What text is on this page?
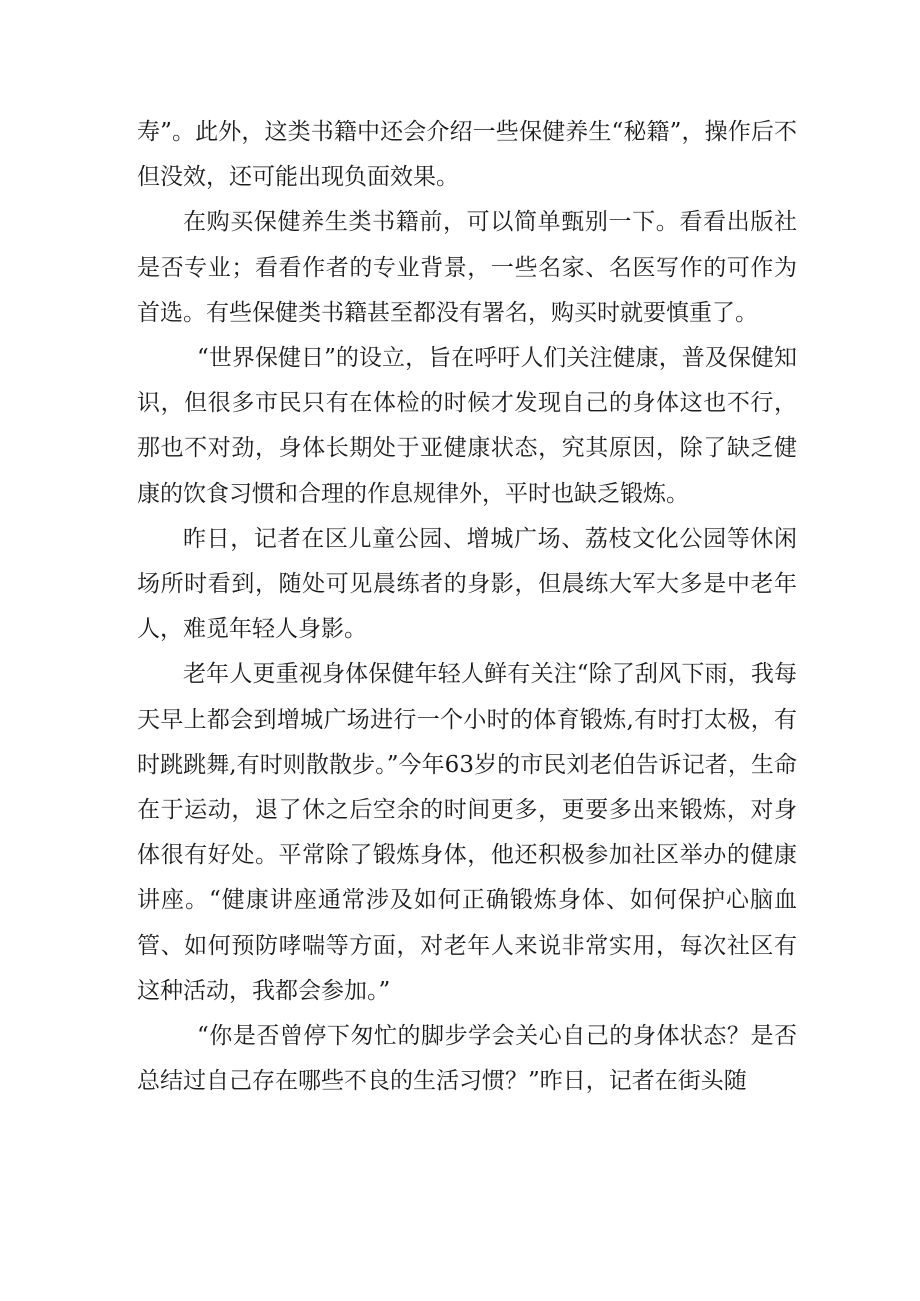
寿”。此外，这类书籍中还会介绍一些保健养生“秘籍”，操作后不但没效，还可能出现负面效果。

在购买保健养生类书籍前，可以简单甄别一下。看看出版社是否专业；看看作者的专业背景，一些名家、名医写作的可作为首选。有些保健类书籍甚至都没有署名，购买时就要慎重了。

“世界保健日”的设立，旨在呼吁人们关注健康，普及保健知识，但很多市民只有在体检的时候才发现自己的身体这也不行，那也不对劲，身体长期处于亚健康状态，究其原因，除了缺乏健康的饮食习惯和合理的作息规律外，平时也缺乏锻炼。

昨日，记者在区儿童公园、增城广场、荔枝文化公园等休闲场所时看到，随处可见晨练者的身影，但晨练大军大多是中老年人，难觅年轻人身影。

老年人更重视身体保健年轻人鲜有关注“除了刮风下雨，我每天早上都会到增城广场进行一个小时的体育锻炼,有时打太极，有时跳跳舞,有时则散散步。”今年63岁的市民刘老伯告诉记者，生命在于运动，退了休之后空余的时间更多，更要多出来锻炼，对身体很有好处。平常除了锻炼身体，他还积极参加社区举办的健康讲座。“健康讲座通常涉及如何正确锻炼身体、如何保护心脑血管、如何预防哮喘等方面，对老年人来说非常实用，每次社区有这种活动，我都会参加。”

“你是否曾停下匆忙的脚步学会关心自己的身体状态？是否总结过自己存在哪些不良的生活习惯？”昨日，记者在街头随
